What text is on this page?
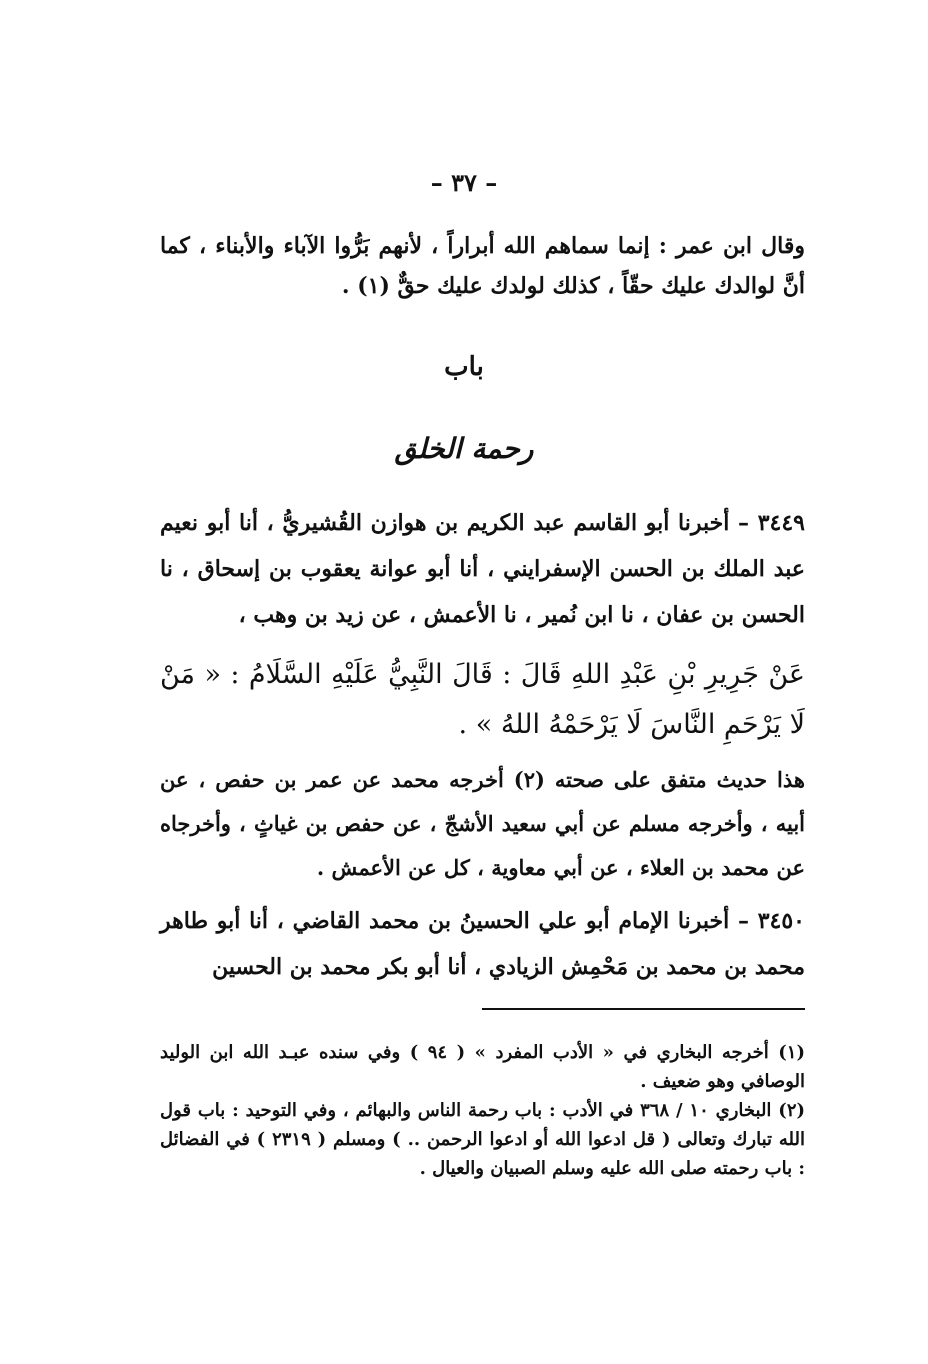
– ٣٧ –

وقال ابن عمر : إنما سماهم الله أبراراً ، لأنهم بَرُّوا الآباء والأبناء ، كما أنَّ لوالدك عليك حقّاً ، كذلك لولدك عليك حقٌّ (١) .

باب
رحمة الخلق

٣٤٤٩ – أخبرنا أبو القاسم عبد الكريم بن هوازن القُشيريُّ ، أنا أبو نعيم عبد الملك بن الحسن الإسفرايني ، أنا أبو عوانة يعقوب بن إسحاق ، نا الحسن بن عفان ، نا ابن نُمير ، نا الأعمش ، عن زيد بن وهب ،

عَنْ جَرِيرِ بْنِ عَبْدِ اللهِ قَالَ : قَالَ النَّبِيُّ عَلَيْهِ السَّلَامُ : « مَنْ لَا يَرْحَمِ النَّاسَ لَا يَرْحَمْهُ اللهُ » .

هذا حديث متفق على صحته (٢) أخرجه محمد عن عمر بن حفص ، عن أبيه ، وأخرجه مسلم عن أبي سعيد الأشجّ ، عن حفص بن غياثٍ ، وأخرجاه عن محمد بن العلاء ، عن أبي معاوية ، كل عن الأعمش .

٣٤٥٠ – أخبرنا الإمام أبو علي الحسينُ بن محمد القاضي ، أنا أبو طاهر محمد بن محمد بن مَحْمِش الزيادي ، أنا أبو بكر محمد بن الحسين

(١) أخرجه البخاري في « الأدب المفرد » ( ٩٤ ) وفي سنده عبـد الله ابن الوليد الوصافي وهو ضعيف .

(٢) البخاري ١٠ / ٣٦٨ في الأدب : باب رحمة الناس والبهائم ، وفي التوحيد : باب قول الله تبارك وتعالى ( قل ادعوا الله أو ادعوا الرحمن .. ) ومسلم ( ٢٣١٩ ) في الفضائل : باب رحمته صلى الله عليه وسلم الصبيان والعيال .
